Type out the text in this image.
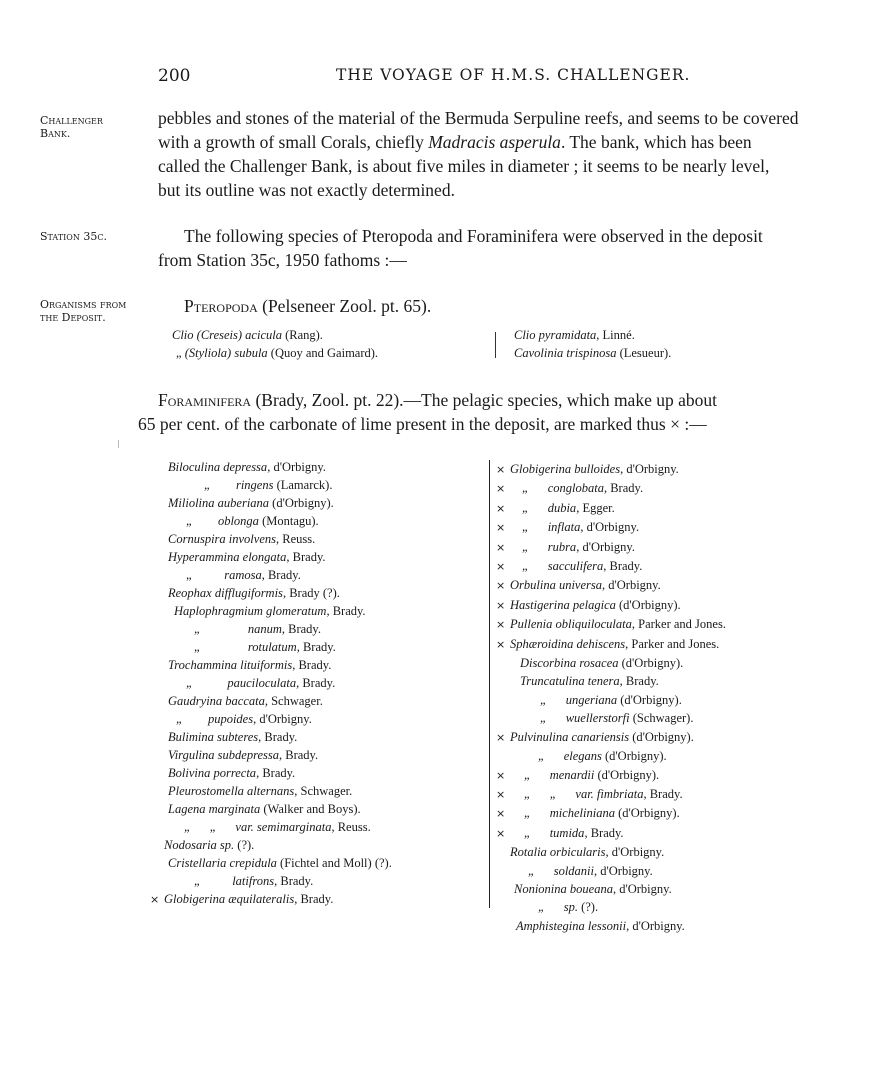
200	THE VOYAGE OF H.M.S. CHALLENGER.
Challenger
Bank.
Station 35c.
Organisms from
the Deposit.
pebbles and stones of the material of the Bermuda Serpuline reefs, and seems to be covered
with a growth of small Corals, chiefly Madracis asperula. The bank, which has been
called the Challenger Bank, is about five miles in diameter ; it seems to be nearly level,
but its outline was not exactly determined.
The following species of Pteropoda and Foraminifera were observed in the deposit
from Station 35c, 1950 fathoms :—
Pteropoda (Pelseneer Zool. pt. 65).
Clio (Creseis) acicula (Rang).
„ (Styliola) subula (Quoy and Gaimard).
Clio pyramidata, Linné.
Cavolinia trispinosa (Lesueur).
Foraminifera (Brady, Zool. pt. 22).—The pelagic species, which make up about
65 per cent. of the carbonate of lime present in the deposit, are marked thus × :—
Biloculina depressa, d'Orbigny.
„        ringens (Lamarck).
Miliolina auberiana (d'Orbigny).
„        oblonga (Montagu).
Cornuspira involvens, Reuss.
Hyperammina elongata, Brady.
„          ramosa, Brady.
Reophax difflugiformis, Brady (?).
Haplophragmium glomeratum, Brady.
„               nanum, Brady.
„               rotulatum, Brady.
Trochammina lituiformis, Brady.
„           pauciloculata, Brady.
Gaudryina baccata, Schwager.
„        pupoides, d'Orbigny.
Bulimina subteres, Brady.
Virgulina subdepressa, Brady.
Bolivina porrecta, Brady.
Pleurostomella alternans, Schwager.
Lagena marginata (Walker and Boys).
„      „      var. semimarginata, Reuss.
Nodosaria sp. (?).
Cristellaria crepidula (Fichtel and Moll) (?).
„          latifrons, Brady.
× Globigerina æquilateralis, Brady.
× Globigerina bulloides, d'Orbigny.
× „      conglobata, Brady.
× „      dubia, Egger.
× „      inflata, d'Orbigny.
× „      rubra, d'Orbigny.
× „      sacculifera, Brady.
× Orbulina universa, d'Orbigny.
× Hastigerina pelagica (d'Orbigny).
× Pullenia obliquiloculata, Parker and Jones.
× Sphæroidina dehiscens, Parker and Jones.
Discorbina rosacea (d'Orbigny).
Truncatulina tenera, Brady.
„      ungeriana (d'Orbigny).
„      wuellerstorfi (Schwager).
× Pulvinulina canariensis (d'Orbigny).
„      elegans (d'Orbigny).
× „      menardii (d'Orbigny).
× „      „      var. fimbriata, Brady.
× „      micheliniana (d'Orbigny).
× „      tumida, Brady.
Rotalia orbicularis, d'Orbigny.
„      soldanii, d'Orbigny.
Nonionina boueana, d'Orbigny.
„      sp. (?).
Amphistegina lessonii, d'Orbigny.
